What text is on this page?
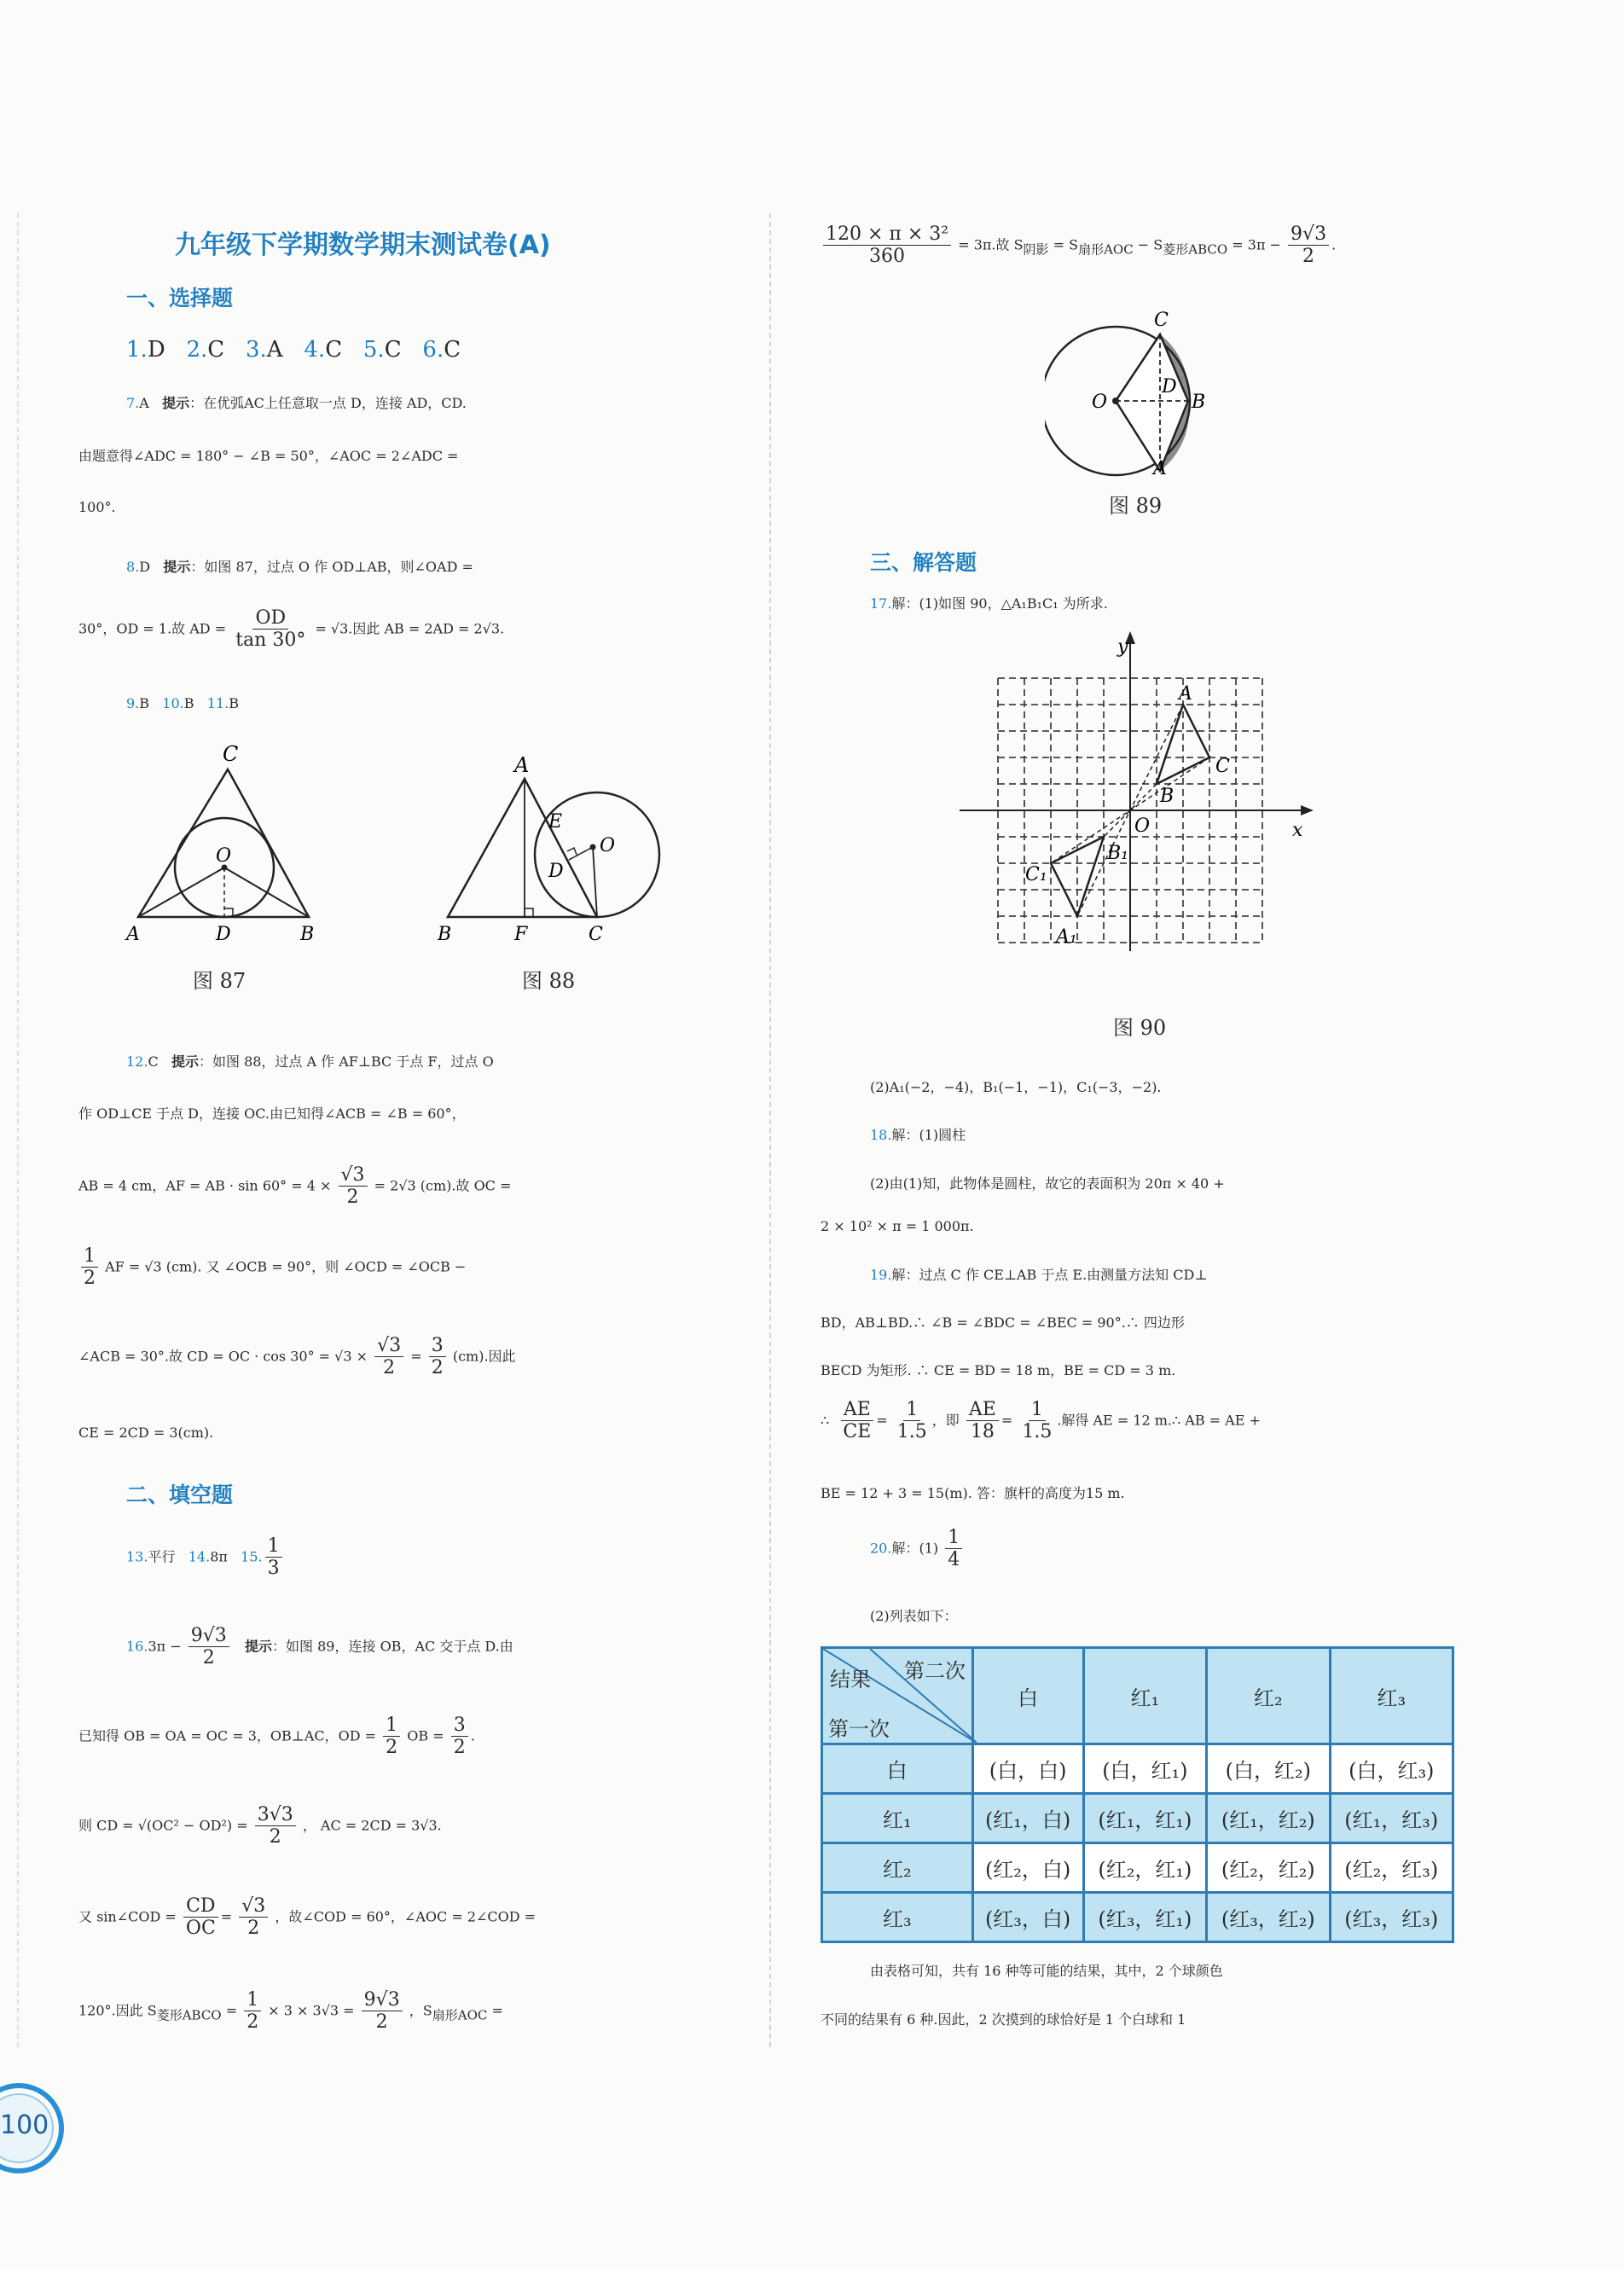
九年级下学期数学期末测试卷(A)
一、选择题
1.D 2.C 3.A 4.C 5.C 6.C
7.A 提示：在优弧AC上任意取一点 D，连接 AD，CD.
由题意得∠ADC = 180° − ∠B = 50°，∠AOC = 2∠ADC =
100°.
8.D 提示：如图 87，过点 O 作 OD⊥AB，则∠OAD =
30°，OD = 1.故 AD = $\frac{OD}{\tan 30^\circ} = √3$.因此 AB = 2AD = 2√3.
9.B 10.B 11.B
C
O
A	D	B
图 87
A
E
O
D
B	F	C
图 88
12.C 提示：如图 88，过点 A 作 AF⊥BC 于点 F，过点 O
作 OD⊥CE 于点 D，连接 OC.由已知得∠ACB = ∠B = 60°，
AB = 4 cm，AF = AB · $\sin 60^\circ = 4 \times \frac{√3}{2} = 2√3$ (cm).故 OC =
$\frac{1}{2}$ AF = √3 (cm). 又 ∠OCB = 90°，则 ∠OCD = ∠OCB −
∠ACB = 30°.故 CD = OC · $\cos 30^\circ = √3 \times \frac{√3}{2} = \frac{3}{2} (cm)$.因此
CE = 2CD = 3(cm).
二、填空题
13.平行 14.8π 15. $\frac{1}{3}$
$16.3\pi - \frac{9√3}{2}$ 提示：如图 89，连接 OB，AC 交于点 D.由
已知得 OB = OA = OC = 3，OB⊥AC，OD = $\frac{1}{2}$ OB = $\frac{3}{2}$ .
则 CD = $√(OC^2 - OD^2) = \frac{3√3}{2}$ ， AC = 2CD = 3√3.
又 sin∠COD = $\frac{CD}{OC} = \frac{√3}{2}$ ，故∠COD = 60°，∠AOC = 2∠COD =
120°.因此 S菱形ABCO = $\frac{1}{2} \times 3 \times 3√3 = \frac{9√3}{2}$ ，S扇形AOC =
$\frac{\text{120 × π × 3²}}{360} = 3\pi$.故 S阴影 = S扇形AOC − S菱形ABCO = $3\pi - \frac{9√3}{2}$ .
C
O
D
B
A
图 89
三、解答题
17.解：(1)如图 90，△A₁B₁C₁ 为所求.
y
x
O
A
C
B
B₁
C₁
A₁
图 90
(2)A₁(−2，−4)，B₁(−1，−1)，C₁(−3，−2).
18.解：(1)圆柱
(2)由(1)知，此物体是圆柱，故它的表面积为 20π × 40 +
2 × 10² × π = 1 000π.
19.解：过点 C 作 CE⊥AB 于点 E.由测量方法知 CD⊥
BD，AB⊥BD.∴ ∠B = ∠BDC = ∠BEC = 90°.∴ 四边形
BECD 为矩形. ∴ CE = BD = 18 m，BE = CD = 3 m.
∴ $\frac{AE}{CE} = \frac{1}{1.5}$ ，即 $\frac{AE}{18} = \frac{1}{1.5}$ .解得 AE = 12 m.∴ AB = AE +
BE = 12 + 3 = 15(m). 答：旗杆的高度为15 m.
20.解：$(1) \frac{1}{4}$
(2)列表如下：
结果 第二次
第一次	白	红₁	红₂	红₃
白	(白，白)	(白，红₁)	(白，红₂)	(白，红₃)
红₁	(红₁，白)	(红₁，红₁)	(红₁，红₂)	(红₁，红₃)
红₂	(红₂，白)	(红₂，红₁)	(红₂，红₂)	(红₂，红₃)
红₃	(红₃，白)	(红₃，红₁)	(红₃，红₂)	(红₃，红₃)
由表格可知，共有 16 种等可能的结果，其中，2 个球颜色
不同的结果有 6 种.因此，2 次摸到的球恰好是 1 个白球和 1
100
